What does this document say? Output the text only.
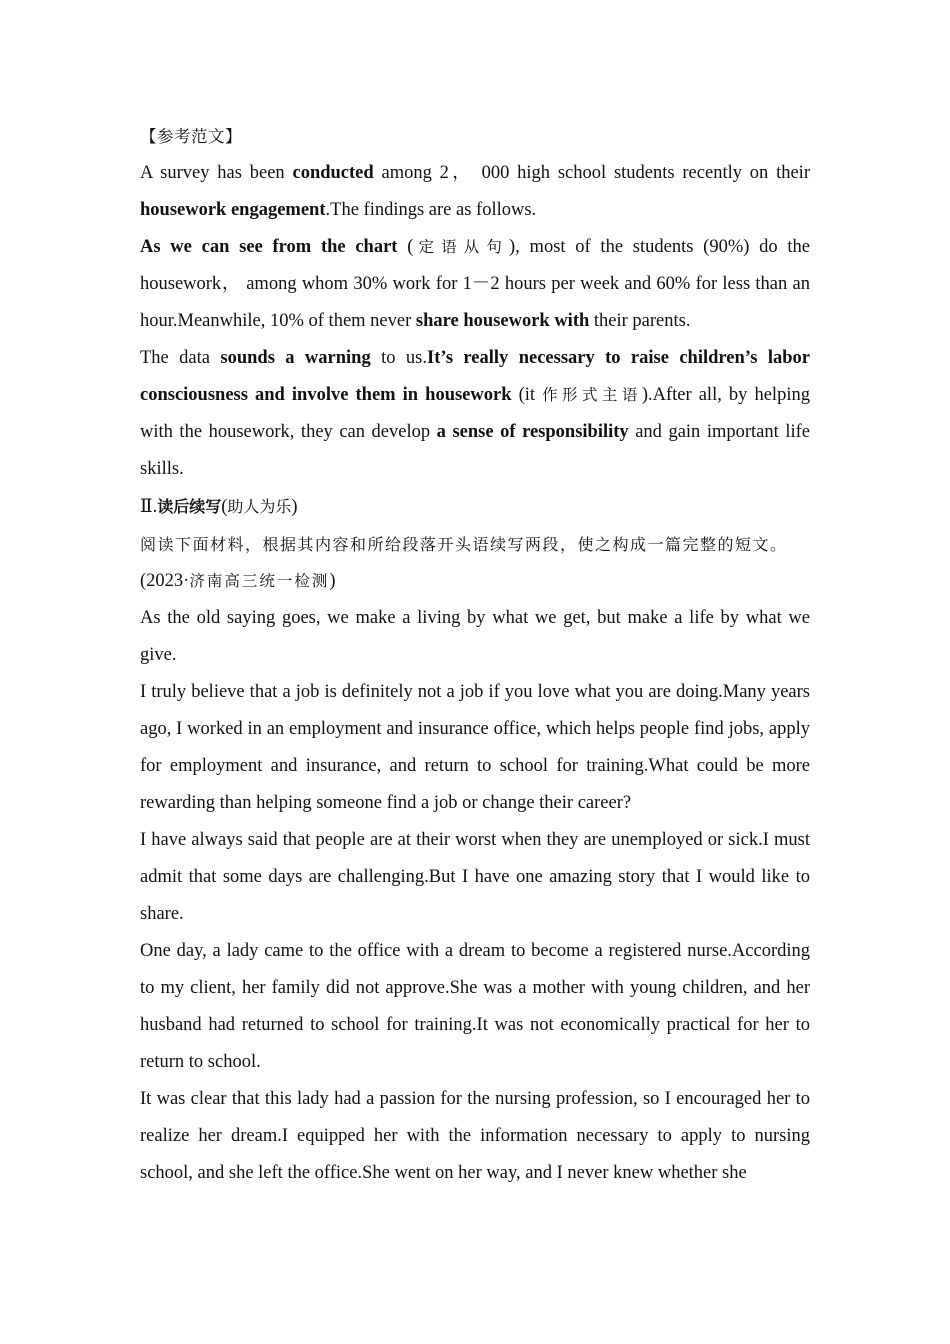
【参考范文】

A survey has been conducted among 2， 000 high school students recently on their housework engagement.The findings are as follows.

As we can see from the chart (定语从句), most of the students (90%) do the housework， among whom 30% work for 1－2 hours per week and 60% for less than an hour.Meanwhile, 10% of them never share housework with their parents.

The data sounds a warning to us.It’s really necessary to raise children’s labor consciousness and involve them in housework (it 作形式主语).After all, by helping with the housework, they can develop a sense of responsibility and gain important life skills.

Ⅱ.读后续写(助人为乐)

阅读下面材料，根据其内容和所给段落开头语续写两段，使之构成一篇完整的短文。

(2023·济南高三统一检测)

As the old saying goes, we make a living by what we get, but make a life by what we give.

I truly believe that a job is definitely not a job if you love what you are doing.Many years ago, I worked in an employment and insurance office, which helps people find jobs, apply for employment and insurance, and return to school for training.What could be more rewarding than helping someone find a job or change their career?

I have always said that people are at their worst when they are unemployed or sick.I must admit that some days are challenging.But I have one amazing story that I would like to share.

One day, a lady came to the office with a dream to become a registered nurse.According to my client, her family did not approve.She was a mother with young children, and her husband had returned to school for training.It was not economically practical for her to return to school.

It was clear that this lady had a passion for the nursing profession, so I encouraged her to realize her dream.I equipped her with the information necessary to apply to nursing school, and she left the office.She went on her way, and I never knew whether she
